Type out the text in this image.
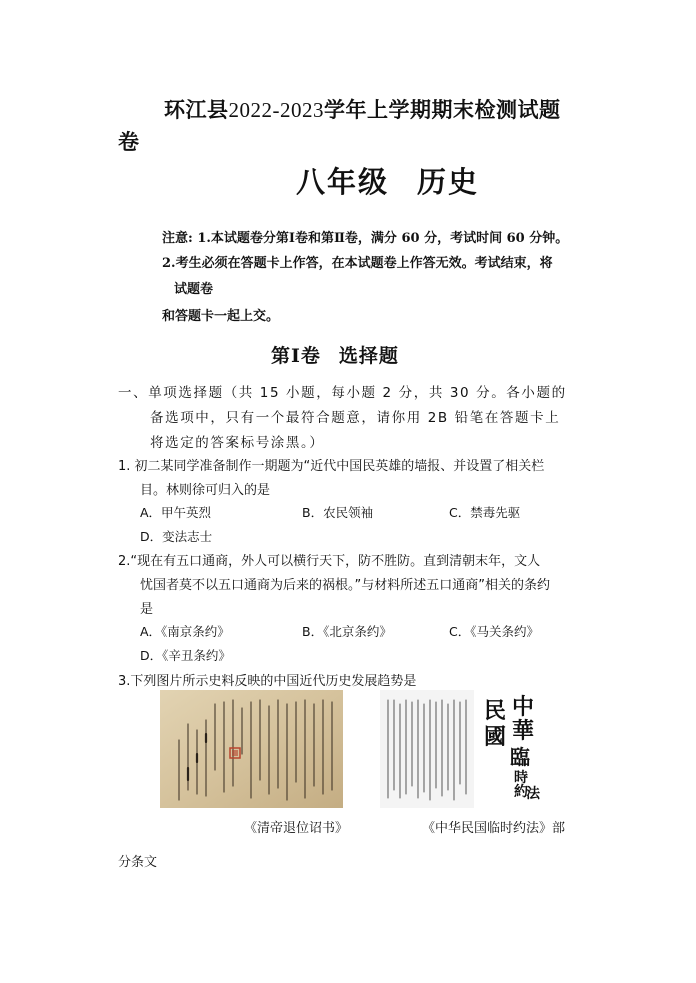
环江县2022-2023学年上学期期末检测试题
卷
八年级 历史
注意: 1.本试题卷分第Ⅰ卷和第Ⅱ卷，满分 60 分，考试时间 60 分钟。
2.考生必须在答题卡上作答，在本试题卷上作答无效。考试结束，将
试题卷
和答题卡一起上交。
第Ⅰ卷 选择题
一、单项选择题（共 15 小题，每小题 2 分，共 30 分。各小题的
备选项中，只有一个最符合题意，请你用 2B 铅笔在答题卡上
将选定的答案标号涂黑。）
1. 初二某同学准备制作一期题为“近代中国民英雄的墙报、并设置了相关栏
目。林则徐可归入的是
A．甲午英烈	B．农民领袖	C．禁毒先驱
D．变法志士
2.“现在有五口通商，外人可以横行天下，防不胜防。直到清朝末年，文人
忧国者莫不以五口通商为后来的祸根。”与材料所述五口通商”相关的条约
是
A．《南京条约》	B．《北京条约》	C．《马关条约》
D．《辛丑条约》
3.下列图片所示史料反映的中国近代历史发展趋势是
中
華
民
國
臨
時
約
法
《清帝退位诏书》	《中华民国临时约法》部
分条文
